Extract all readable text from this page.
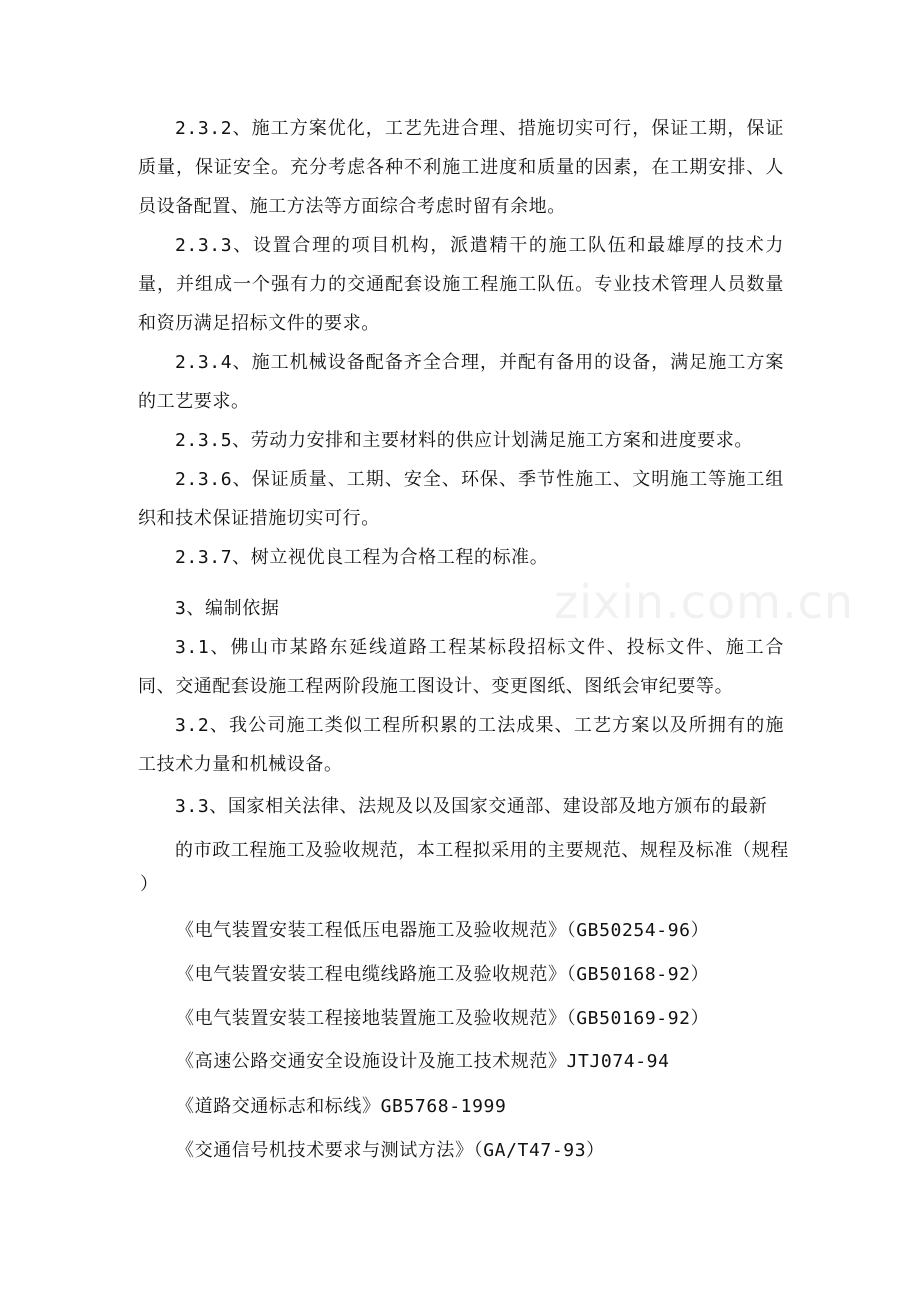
zixin.com.cn

2.3.2、施工方案优化，工艺先进合理、措施切实可行，保证工期，保证质量，保证安全。充分考虑各种不利施工进度和质量的因素，在工期安排、人员设备配置、施工方法等方面综合考虑时留有余地。

2.3.3、设置合理的项目机构，派遣精干的施工队伍和最雄厚的技术力量，并组成一个强有力的交通配套设施工程施工队伍。专业技术管理人员数量和资历满足招标文件的要求。

2.3.4、施工机械设备配备齐全合理，并配有备用的设备，满足施工方案的工艺要求。

2.3.5、劳动力安排和主要材料的供应计划满足施工方案和进度要求。

2.3.6、保证质量、工期、安全、环保、季节性施工、文明施工等施工组织和技术保证措施切实可行。

2.3.7、树立视优良工程为合格工程的标准。

3、编制依据

3.1、佛山市某路东延线道路工程某标段招标文件、投标文件、施工合同、交通配套设施工程两阶段施工图设计、变更图纸、图纸会审纪要等。

3.2、我公司施工类似工程所积累的工法成果、工艺方案以及所拥有的施工技术力量和机械设备。

3.3、国家相关法律、法规及以及国家交通部、建设部及地方颁布的最新
的市政工程施工及验收规范，本工程拟采用的主要规范、规程及标准（规程
）
《电气装置安装工程低压电器施工及验收规范》（GB50254-96）
《电气装置安装工程电缆线路施工及验收规范》（GB50168-92）
《电气装置安装工程接地装置施工及验收规范》（GB50169-92）
《高速公路交通安全设施设计及施工技术规范》JTJ074-94
《道路交通标志和标线》GB5768-1999
《交通信号机技术要求与测试方法》（GA/T47-93）
